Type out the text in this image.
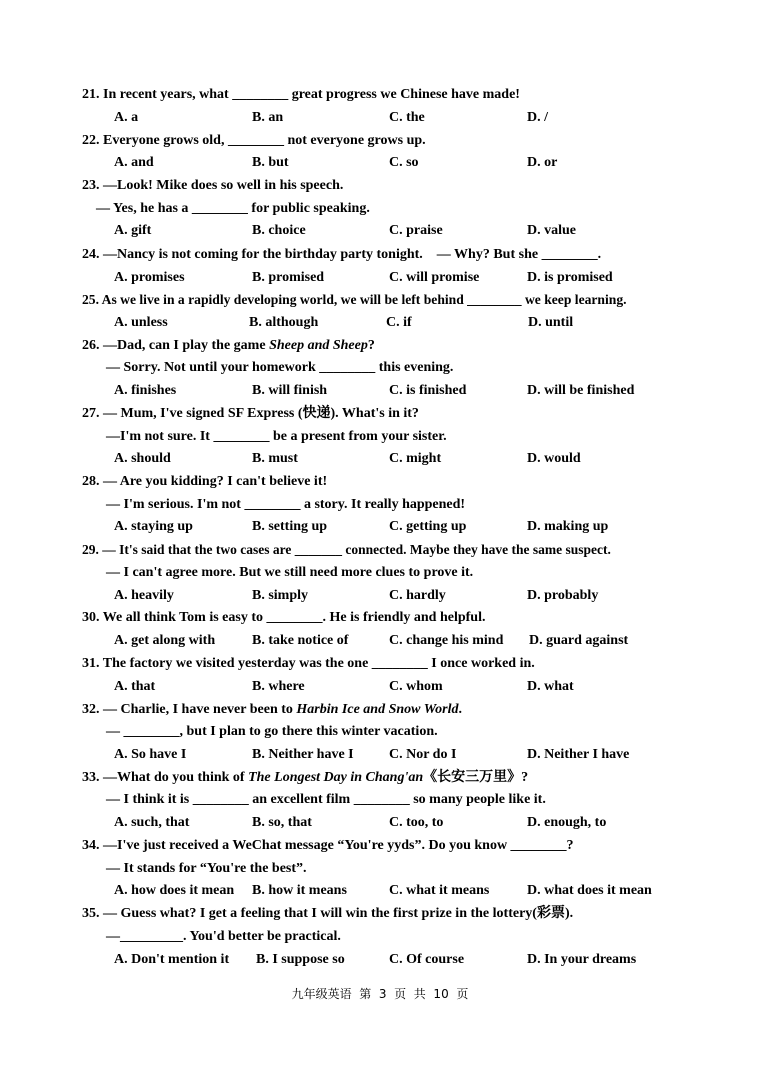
21. In recent years, what ________ great progress we Chinese have made!
A. a	B. an	C. the	D. /
22. Everyone grows old, ________ not everyone grows up.
A. and	B. but	C. so	D. or
23. —Look! Mike does so well in his speech.
— Yes, he has a ________ for public speaking.
A. gift	B. choice	C. praise	D. value
24. —Nancy is not coming for the birthday party tonight.    — Why? But she ________.
A. promises	B. promised	C. will promise	D. is promised
25. As we live in a rapidly developing world, we will be left behind ________ we keep learning.
A. unless	B. although	C. if	D. until
26. —Dad, can I play the game Sheep and Sheep?
— Sorry. Not until your homework ________ this evening.
A. finishes	B. will finish	C. is finished	D. will be finished
27. — Mum, I've signed SF Express (快递). What's in it?
—I'm not sure. It ________ be a present from your sister.
A. should	B. must	C. might	D. would
28. — Are you kidding? I can't believe it!
— I'm serious. I'm not ________ a story. It really happened!
A. staying up	B. setting up	C. getting up	D. making up
29. — It's said that the two cases are _______ connected. Maybe they have the same suspect.
— I can't agree more. But we still need more clues to prove it.
A. heavily	B. simply	C. hardly	D. probably
30. We all think Tom is easy to ________. He is friendly and helpful.
A. get along with	B. take notice of	C. change his mind D. guard against
31. The factory we visited yesterday was the one ________ I once worked in.
A. that	B. where	C. whom	D. what
32. — Charlie, I have never been to Harbin Ice and Snow World.
— ________, but I plan to go there this winter vacation.
A. So have I	B. Neither have I	C. Nor do I	D. Neither I have
33. —What do you think of The Longest Day in Chang'an《长安三万里》?
— I think it is ________ an excellent film ________ so many people like it.
A. such, that	B. so, that	C. too, to	D. enough, to
34. —I've just received a WeChat message “You're yyds”. Do you know ________?
— It stands for “You're the best”.
A. how does it mean B. how it means	C. what it means	D. what does it mean
35. — Guess what? I get a feeling that I will win the first prize in the lottery(彩票).
—_________. You'd better be practical.
A. Don't mention it B. I suppose so	C. Of course	D. In your dreams
九年级英语  第  3  页  共  10  页
